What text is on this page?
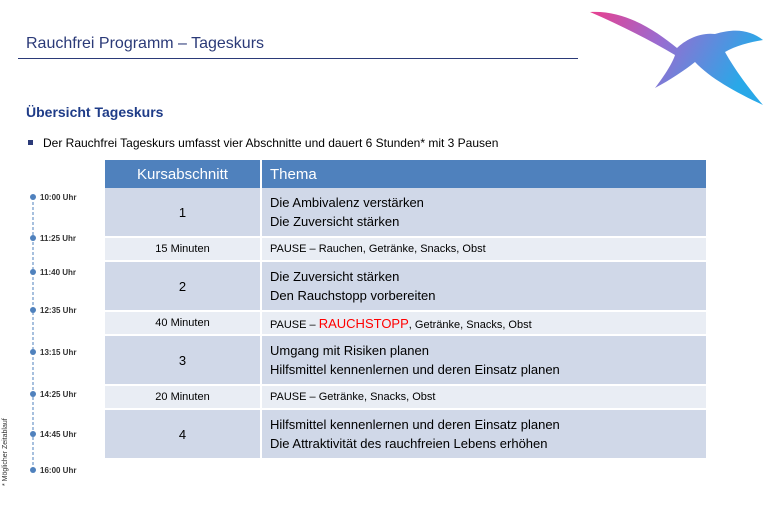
Rauchfrei Programm – Tageskurs
Übersicht Tageskurs
Der Rauchfrei Tageskurs umfasst vier Abschnitte und dauert 6 Stunden* mit 3 Pausen
10:00 Uhr
11:25 Uhr
11:40 Uhr
12:35 Uhr
13:15 Uhr
14:25 Uhr
14:45 Uhr
16:00 Uhr
* Möglicher Zeitablauf
Kursabschnitt	Thema
1	Die Ambivalenz verstärken
Die Zuversicht stärken
15 Minuten	PAUSE – Rauchen, Getränke, Snacks, Obst
2	Die Zuversicht stärken
Den Rauchstopp vorbereiten
40 Minuten	PAUSE – RAUCHSTOPP, Getränke, Snacks, Obst
3	Umgang mit Risiken planen
Hilfsmittel kennenlernen und deren Einsatz planen
20 Minuten	PAUSE – Getränke, Snacks, Obst
4	Hilfsmittel kennenlernen und deren Einsatz planen
Die Attraktivität des rauchfreien Lebens erhöhen
